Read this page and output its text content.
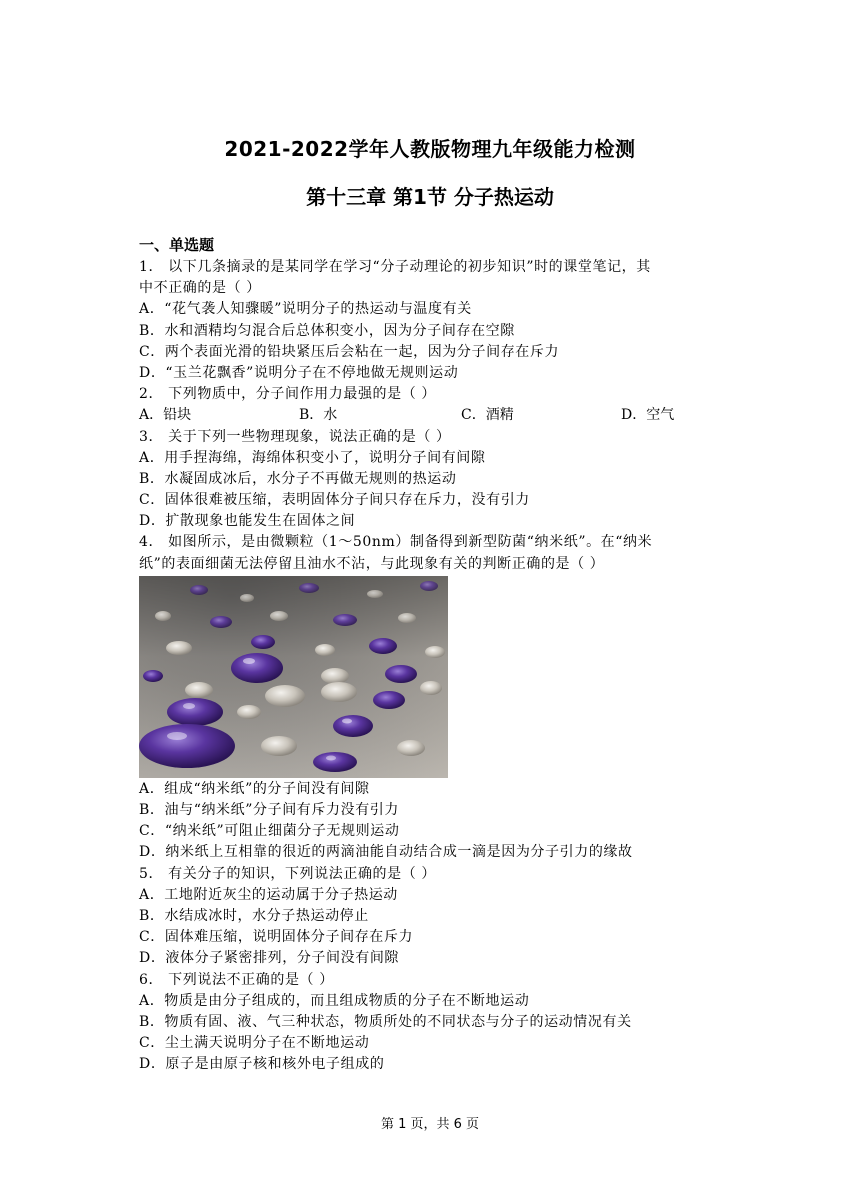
2021-2022学年人教版物理九年级能力检测
第十三章 第1节 分子热运动
一、单选题
1． 以下几条摘录的是某同学在学习“分子动理论的初步知识”时的课堂笔记，其
中不正确的是（ ）
A．“花气袭人知骤暖”说明分子的热运动与温度有关
B．水和酒精均匀混合后总体积变小，因为分子间存在空隙
C．两个表面光滑的铅块紧压后会粘在一起，因为分子间存在斥力
D．“玉兰花飘香”说明分子在不停地做无规则运动
2． 下列物质中，分子间作用力最强的是（ ）
A．铅块	B．水	C．酒精	D．空气
3． 关于下列一些物理现象，说法正确的是（ ）
A．用手捏海绵，海绵体积变小了，说明分子间有间隙
B．水凝固成冰后，水分子不再做无规则的热运动
C．固体很难被压缩，表明固体分子间只存在斥力，没有引力
D．扩散现象也能发生在固体之间
4． 如图所示，是由微颗粒（1～50nm）制备得到新型防菌“纳米纸”。在“纳米
纸”的表面细菌无法停留且油水不沾，与此现象有关的判断正确的是（ ）
A．组成“纳米纸”的分子间没有间隙
B．油与“纳米纸”分子间有斥力没有引力
C．“纳米纸”可阻止细菌分子无规则运动
D．纳米纸上互相靠的很近的两滴油能自动结合成一滴是因为分子引力的缘故
5． 有关分子的知识，下列说法正确的是（ ）
A．工地附近灰尘的运动属于分子热运动
B．水结成冰时，水分子热运动停止
C．固体难压缩，说明固体分子间存在斥力
D．液体分子紧密排列，分子间没有间隙
6． 下列说法不正确的是（ ）
A．物质是由分子组成的，而且组成物质的分子在不断地运动
B．物质有固、液、气三种状态，物质所处的不同状态与分子的运动情况有关
C．尘土满天说明分子在不断地运动
D．原子是由原子核和核外电子组成的
第 1 页，共 6 页
